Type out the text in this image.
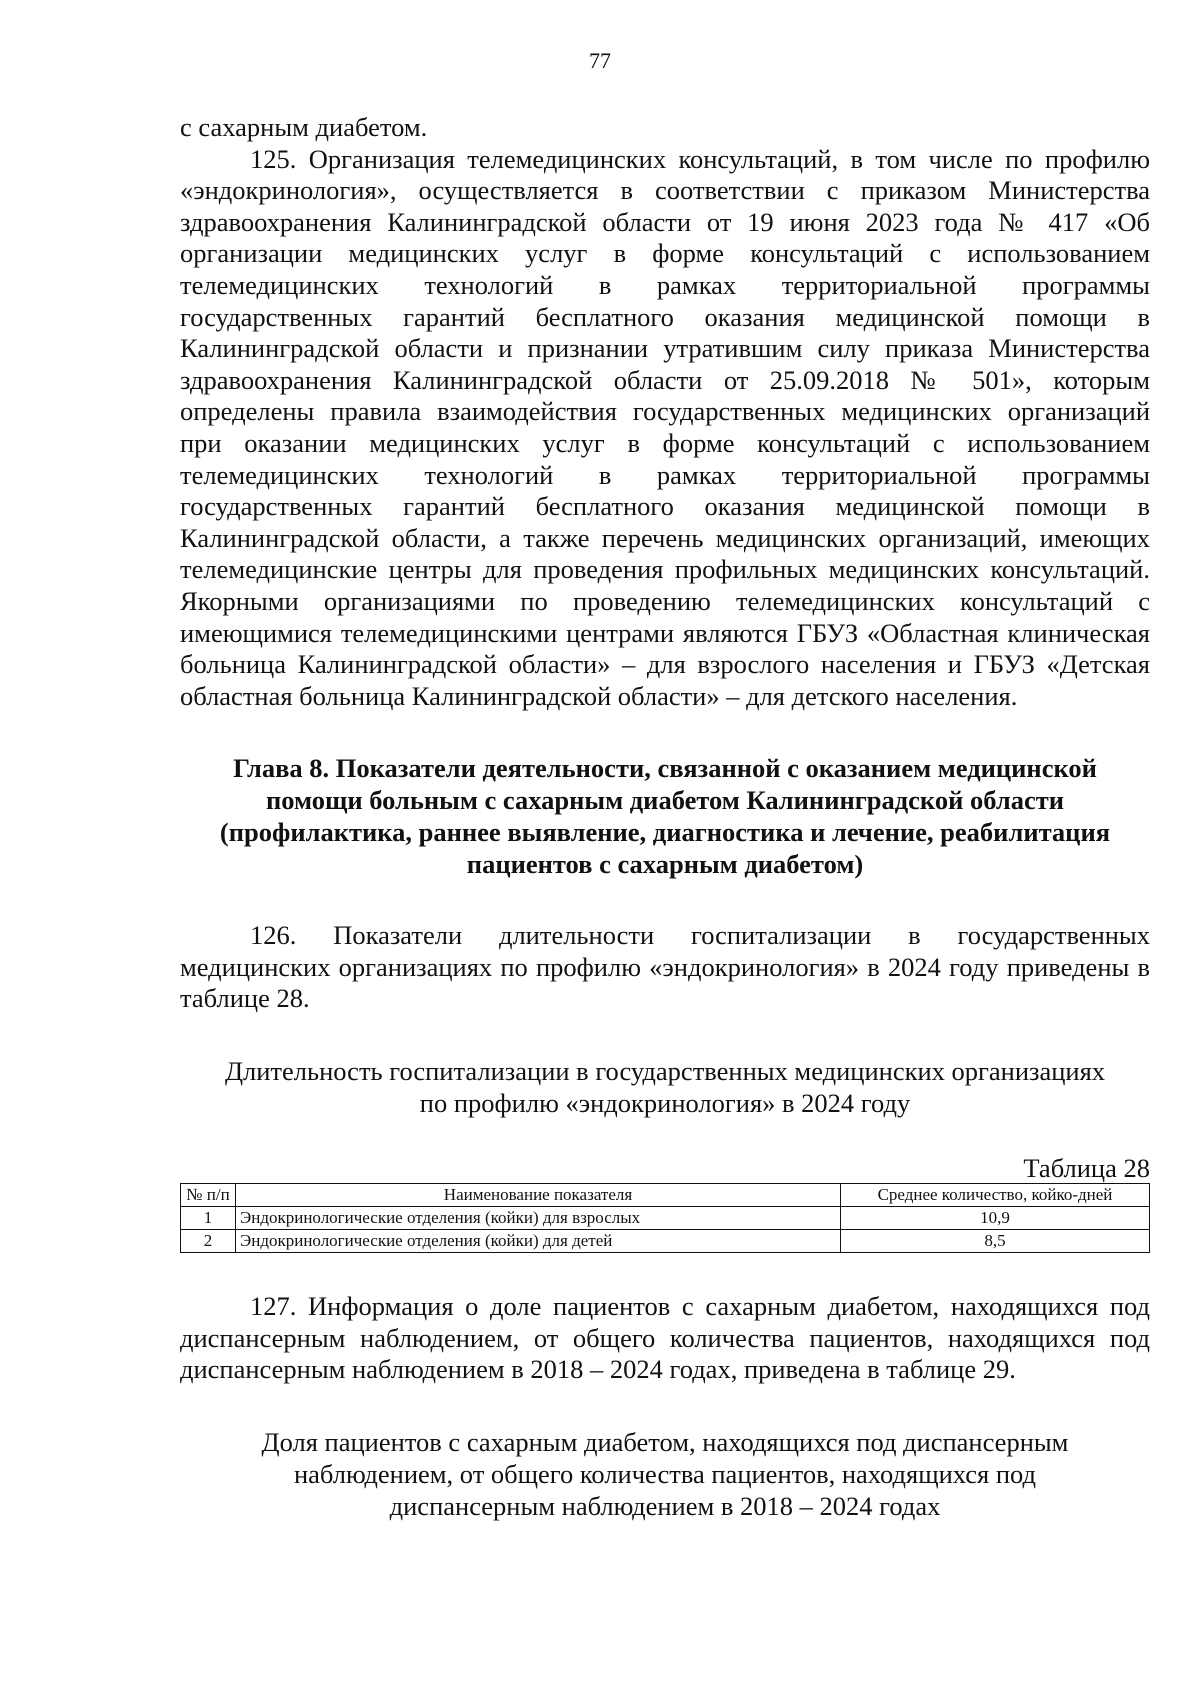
77

с сахарным диабетом.

125. Организация телемедицинских консультаций, в том числе по профилю «эндокринология», осуществляется в соответствии с приказом Министерства здравоохранения Калининградской области от 19 июня 2023 года № 417 «Об организации медицинских услуг в форме консультаций с использованием телемедицинских технологий в рамках территориальной программы государственных гарантий бесплатного оказания медицинской помощи в Калининградской области и признании утратившим силу приказа Министерства здравоохранения Калининградской области от 25.09.2018 № 501», которым определены правила взаимодействия государственных медицинских организаций при оказании медицинских услуг в форме консультаций с использованием телемедицинских технологий в рамках территориальной программы государственных гарантий бесплатного оказания медицинской помощи в Калининградской области, а также перечень медицинских организаций, имеющих телемедицинские центры для проведения профильных медицинских консультаций. Якорными организациями по проведению телемедицинских консультаций с имеющимися телемедицинскими центрами являются ГБУЗ «Областная клиническая больница Калининградской области» – для взрослого населения и ГБУЗ «Детская областная больница Калининградской области» – для детского населения.

Глава 8. Показатели деятельности, связанной с оказанием медицинской
помощи больным с сахарным диабетом Калининградской области
(профилактика, раннее выявление, диагностика и лечение, реабилитация
пациентов с сахарным диабетом)

126. Показатели длительности госпитализации в государственных медицинских организациях по профилю «эндокринология» в 2024 году приведены в таблице 28.

Длительность госпитализации в государственных медицинских организациях
по профилю «эндокринология» в 2024 году
Таблица 28
№ п/п	Наименование показателя	Среднее количество, койко-дней
1	Эндокринологические отделения (койки) для взрослых	10,9
2	Эндокринологические отделения (койки) для детей	8,5

127. Информация о доле пациентов с сахарным диабетом, находящихся под диспансерным наблюдением, от общего количества пациентов, находящихся под диспансерным наблюдением в 2018 – 2024 годах, приведена в таблице 29.

Доля пациентов с сахарным диабетом, находящихся под диспансерным
наблюдением, от общего количества пациентов, находящихся под
диспансерным наблюдением в 2018 – 2024 годах
